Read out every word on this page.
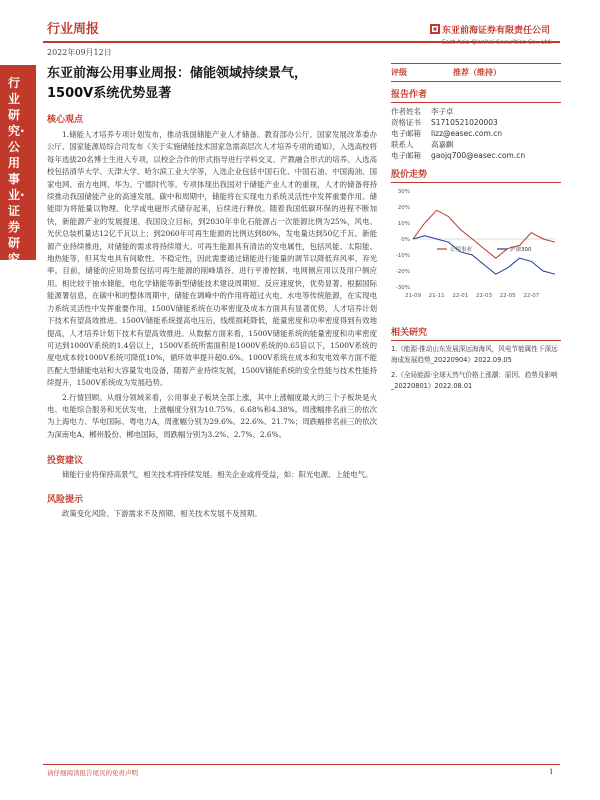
行业周报	东亚前海证券有限责任公司
2022年09月12日
行业研究·公用事业·证券研究报告
东亚前海公用事业周报：储能领域持续景气，
1500V系统优势显著
核心观点
1.储能人才培养专项计划发布，推动我国储能产业人才储备。教育部办公厅、国家发展改革委办公厅、国家能源局综合司发布《关于实施储能技术国家急需高层次人才培养专项的通知》，入选高校将每年选拔20名博士生进入专项，以校企合作的形式指导进行学科交叉、产教融合形式的培养。入选高校包括清华大学、天津大学、哈尔滨工业大学等，入选企业包括中国石化、中国石油、中国海油、国家电网、南方电网、华为、宁德时代等。专项体现出我国对于储能产业人才的重视，人才的储备将持续推动我国储能产业的高速发展。碳中和周期中，储能将在实现电力系统灵活性中发挥重要作用。储能即为将能量以物理、化学或电磁形式储存起来，后续进行释放。随着我国低碳环保的进程不断加快，新能源产业的发展提速，我国设立目标，到2030年非化石能源占一次能源比例为25%，风电、光伏总装机量达12亿千瓦以上；到2060年可再生能源的比例达到80%，发电量达到50亿千瓦。新能源产业持续推进，对储能的需求将持续增大。可再生能源具有清洁的发电属性，包括风能、太阳能、地热能等，但其发电具有间歇性、不稳定性，因此需要通过储能进行能量的调节以降低弃风率、弃光率。目前，储能的应用场景包括可再生能源的削峰填谷、进行平滑控制、电网侧应用以及用户侧应用。相比较于抽水储能，电化学储能等新型储能技术建设周期短、反应速度快，优势显著。根据国际能源署信息，在碳中和的整体周期中，储能在调峰中的作用将超过火电、水电等传统能源，在实现电力系统灵活性中发挥重要作用。1500V储能系统在功率密度及成本方面具有显著优势，人才培养计划下技术有望高效推进。1500V储能系统提高电压后，线缆损耗降低，能量密度和功率密度得到有效地提高，人才培养计划下技术有望高效推进。从数据方面来看，1500V储能系统的能量密度和功率密度可达到1000V系统的1.4倍以上，1500V系统所需面积是1000V系统的0.65倍以下，1500V系统的度电成本较1000V系统可降低10%，循环效率提升超0.6%。1000V系统在成本和发电效率方面不能匹配大型储能电站和大容量发电设备，随着产业持续发展，1500V储能系统的安全性能与技术性能持续提升，1500V系统成为发展趋势。
2.行情回顾。从细分领域来看，公用事业子板块全部上涨，其中上涨幅度最大的三个子板块是火电、电能综合服务和光伏发电，上涨幅度分别为10.75%、6.68%和4.38%。周涨幅排名前三的依次为上海电力、华电国际、粤电力A，周涨幅分别为29.6%、22.6%、21.7%；周跌幅排名前三的依次为深南电A、郴州股份、郴电国际，周跌幅分别为3.2%、2.7%、2.6%。
投资建议
储能行业将保持高景气，相关技术将持续发展。相关企业或将受益，如：阳光电源、上能电气。
风险提示
政策变化风险、下游需求不及预期、相关技术发展不及预期。
评级	推荐（维持）
报告作者
作者姓名	李子卓
资格证书	S1710521020003
电子邮箱	lizz@easec.com.cn
联系人	高嘉麒
电子邮箱	gaojq700@easec.com.cn
股价走势
-30%
-20%
-10%
0%
10%
20%
30%
21-09 21-11 22-01 22-03 22-05 22-07
公用事业	沪深300
相关研究
1.《能源·推动山东发展深远海海风，风电节能属性下深远海成发展趋势_20220904》2022.09.05
2.《全局能源·全球天然气价格上涨潮：原因、趋势及影响_20220801》2022.08.01
请仔细阅读报告尾页的免责声明	1
